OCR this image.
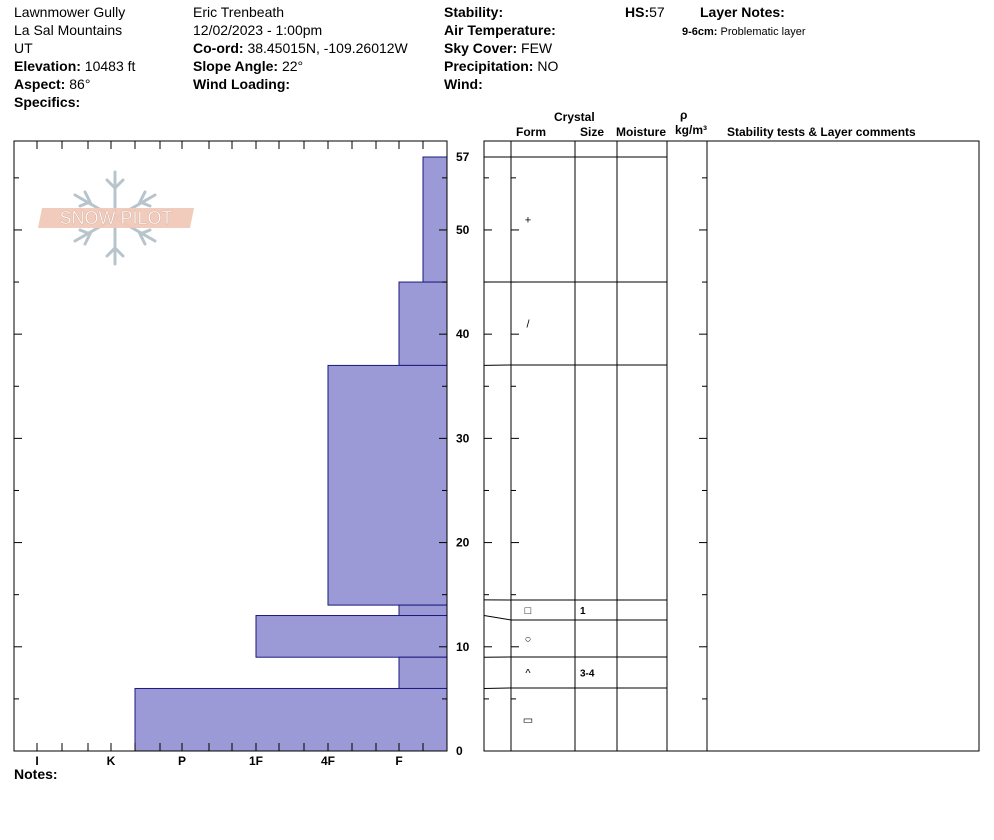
Lawnmower Gully
La Sal Mountains
UT
Elevation: 10483 ft
Aspect: 86°
Specifics:
Eric Trenbeath
12/02/2023 - 1:00pm
Co-ord: 38.45015N, -109.26012W
Slope Angle: 22°
Wind Loading:
Stability:
Air Temperature:
Sky Cover: FEW
Precipitation: NO
Wind:
HS:57	Layer Notes:
9-6cm: Problematic layer
Crystal
Form	Size Moisture
ρ
kg/m³ Stability tests & Layer comments
SNOW PILOT
0
10
20
30
40
50
57
I	K	P	1F	4F	F
+
/
□	1
○
^	3-4
▭
Notes:
